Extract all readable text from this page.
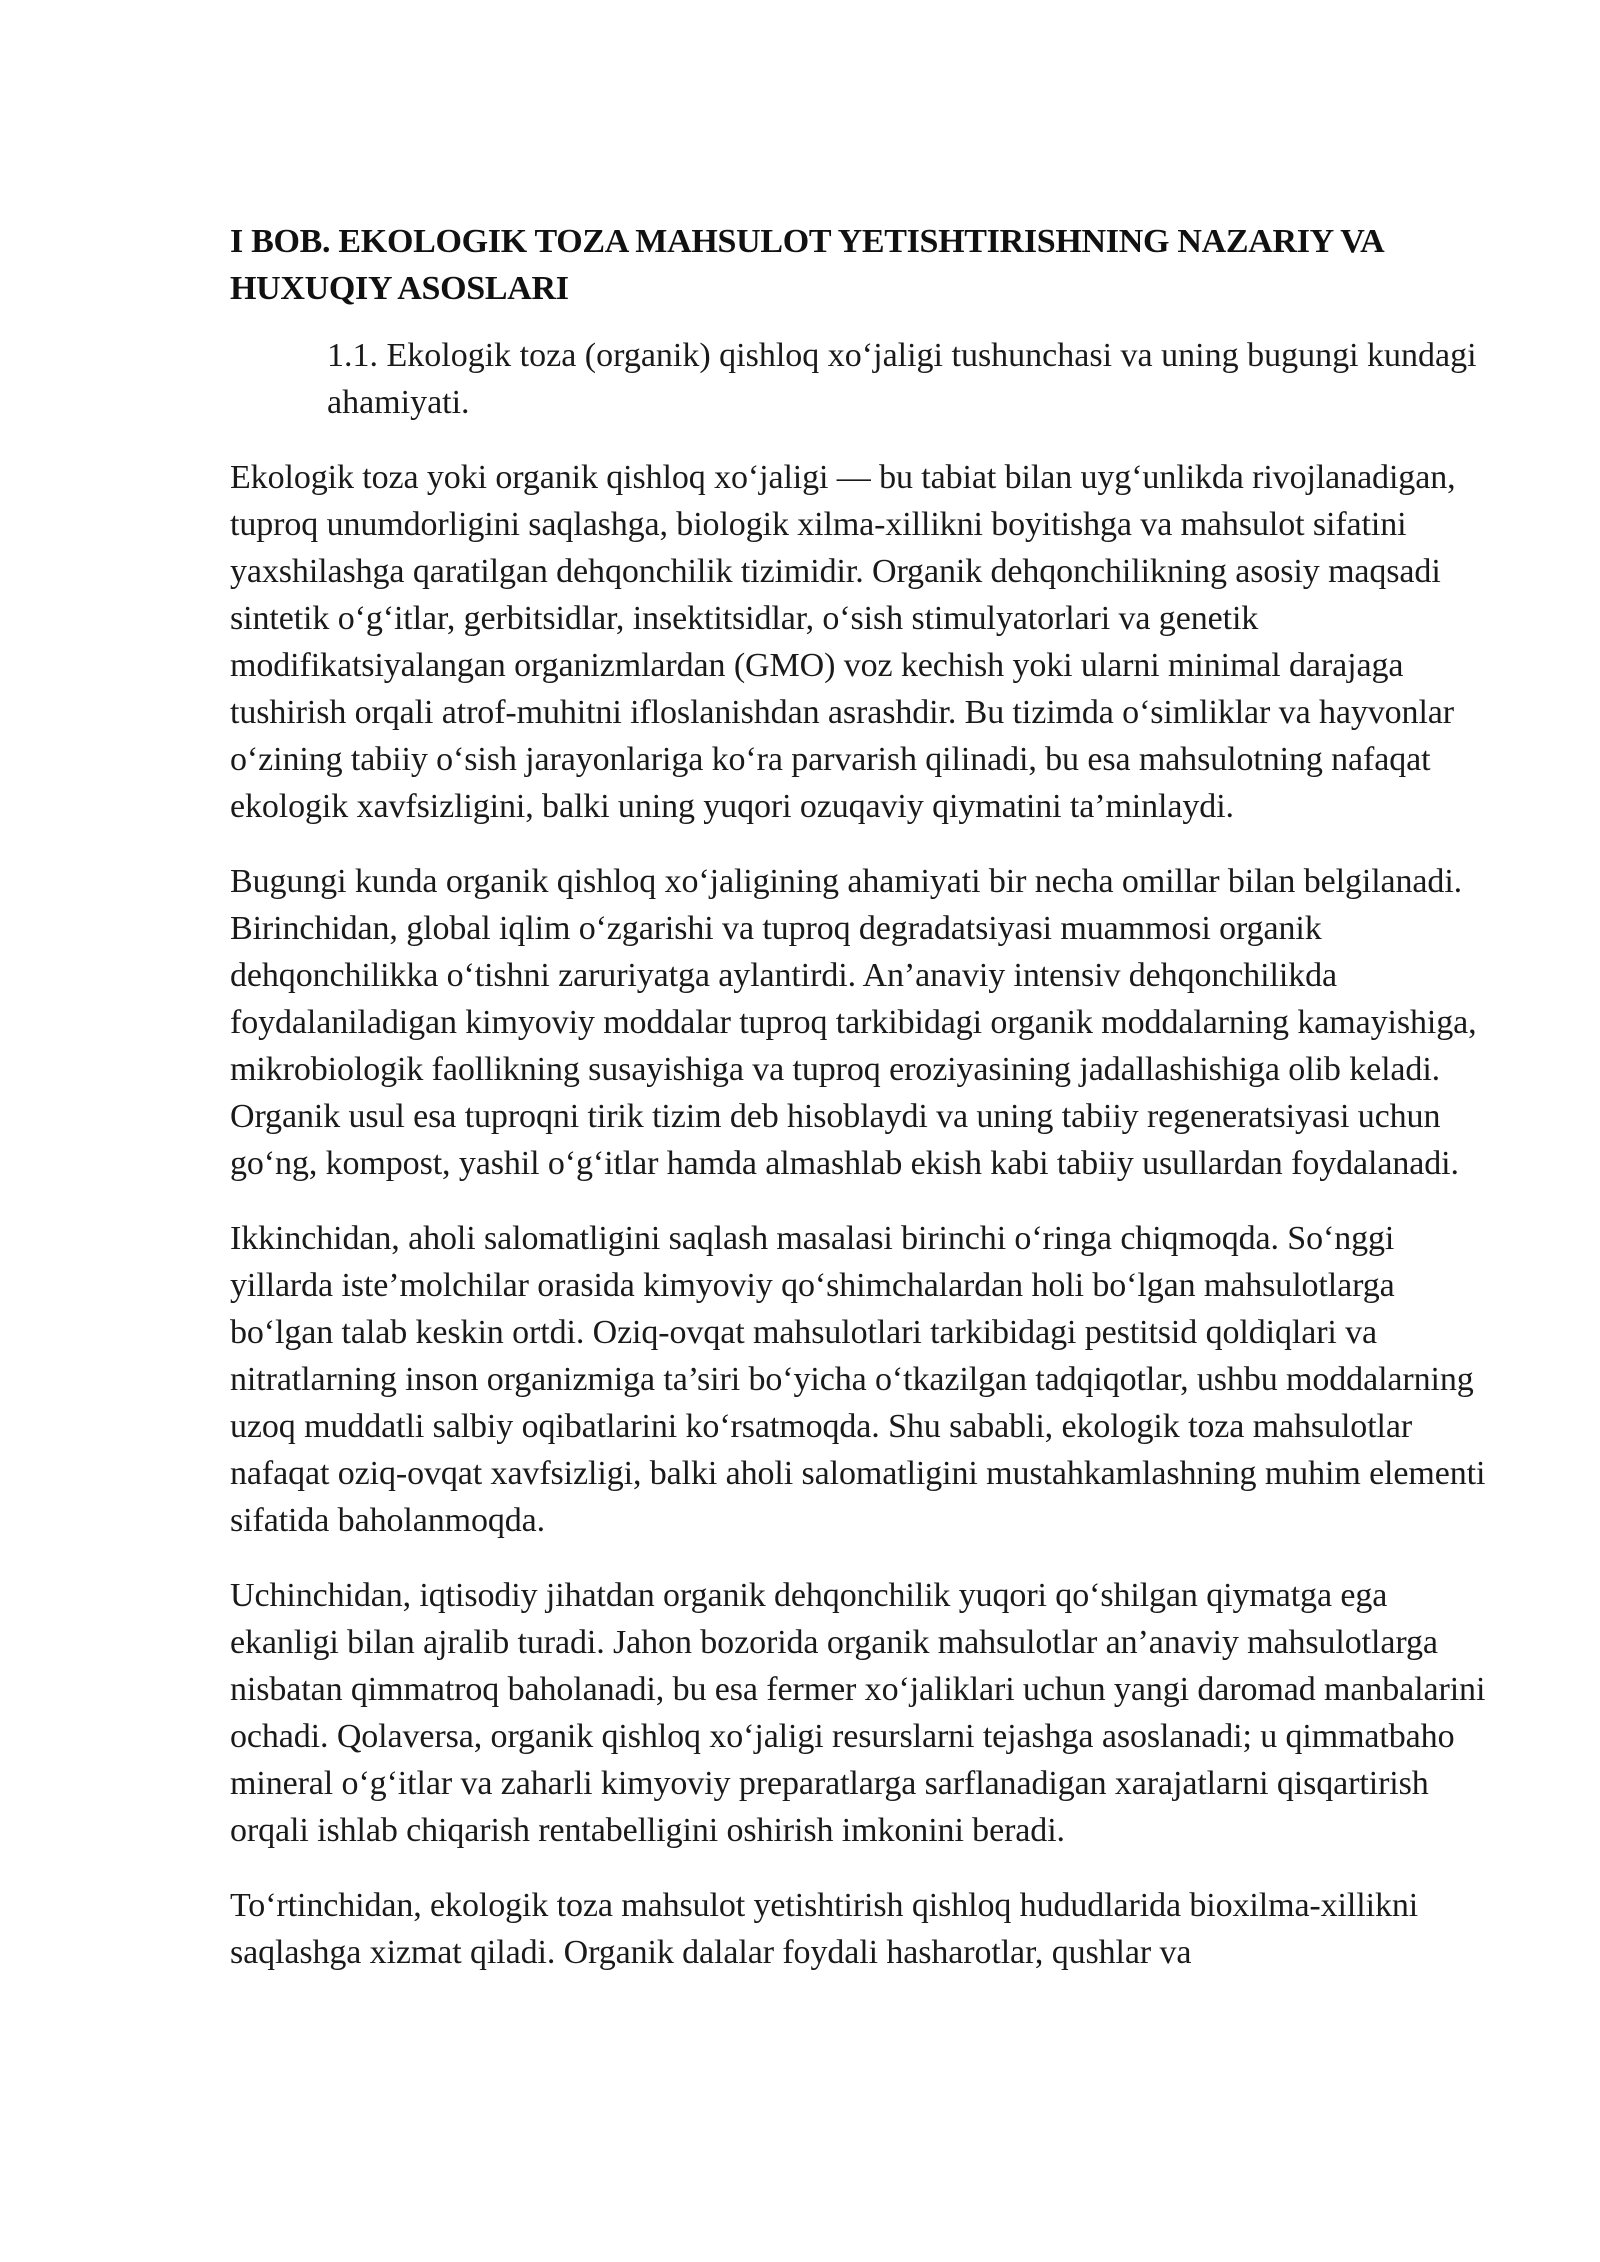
I BOB. EKOLOGIK TOZA MAHSULOT YETISHTIRISHNING NAZARIY VA HUXUQIY ASOSLARI
1.1. Ekologik toza (organik) qishloq xo‘jaligi tushunchasi va uning bugungi kundagi ahamiyati.

Ekologik toza yoki organik qishloq xo‘jaligi — bu tabiat bilan uyg‘unlikda rivojlanadigan, tuproq unumdorligini saqlashga, biologik xilma-xillikni boyitishga va mahsulot sifatini yaxshilashga qaratilgan dehqonchilik tizimidir. Organik dehqonchilikning asosiy maqsadi sintetik o‘g‘itlar, gerbitsidlar, insektitsidlar, o‘sish stimulyatorlari va genetik modifikatsiyalangan organizmlardan (GMO) voz kechish yoki ularni minimal darajaga tushirish orqali atrof-muhitni ifloslanishdan asrashdir. Bu tizimda o‘simliklar va hayvonlar o‘zining tabiiy o‘sish jarayonlariga ko‘ra parvarish qilinadi, bu esa mahsulotning nafaqat ekologik xavfsizligini, balki uning yuqori ozuqaviy qiymatini ta’minlaydi.

Bugungi kunda organik qishloq xo‘jaligining ahamiyati bir necha omillar bilan belgilanadi. Birinchidan, global iqlim o‘zgarishi va tuproq degradatsiyasi muammosi organik dehqonchilikka o‘tishni zaruriyatga aylantirdi. An’anaviy intensiv dehqonchilikda foydalaniladigan kimyoviy moddalar tuproq tarkibidagi organik moddalarning kamayishiga, mikrobiologik faollikning susayishiga va tuproq eroziyasining jadallashishiga olib keladi. Organik usul esa tuproqni tirik tizim deb hisoblaydi va uning tabiiy regeneratsiyasi uchun go‘ng, kompost, yashil o‘g‘itlar hamda almashlab ekish kabi tabiiy usullardan foydalanadi.

Ikkinchidan, aholi salomatligini saqlash masalasi birinchi o‘ringa chiqmoqda. So‘nggi yillarda iste’molchilar orasida kimyoviy qo‘shimchalardan holi bo‘lgan mahsulotlarga bo‘lgan talab keskin ortdi. Oziq-ovqat mahsulotlari tarkibidagi pestitsid qoldiqlari va nitratlarning inson organizmiga ta’siri bo‘yicha o‘tkazilgan tadqiqotlar, ushbu moddalarning uzoq muddatli salbiy oqibatlarini ko‘rsatmoqda. Shu sababli, ekologik toza mahsulotlar nafaqat oziq-ovqat xavfsizligi, balki aholi salomatligini mustahkamlashning muhim elementi sifatida baholanmoqda.

Uchinchidan, iqtisodiy jihatdan organik dehqonchilik yuqori qo‘shilgan qiymatga ega ekanligi bilan ajralib turadi. Jahon bozorida organik mahsulotlar an’anaviy mahsulotlarga nisbatan qimmatroq baholanadi, bu esa fermer xo‘jaliklari uchun yangi daromad manbalarini ochadi. Qolaversa, organik qishloq xo‘jaligi resurslarni tejashga asoslanadi; u qimmatbaho mineral o‘g‘itlar va zaharli kimyoviy preparatlarga sarflanadigan xarajatlarni qisqartirish orqali ishlab chiqarish rentabelligini oshirish imkonini beradi.

To‘rtinchidan, ekologik toza mahsulot yetishtirish qishloq hududlarida bioxilma-xillikni saqlashga xizmat qiladi. Organik dalalar foydali hasharotlar, qushlar va
